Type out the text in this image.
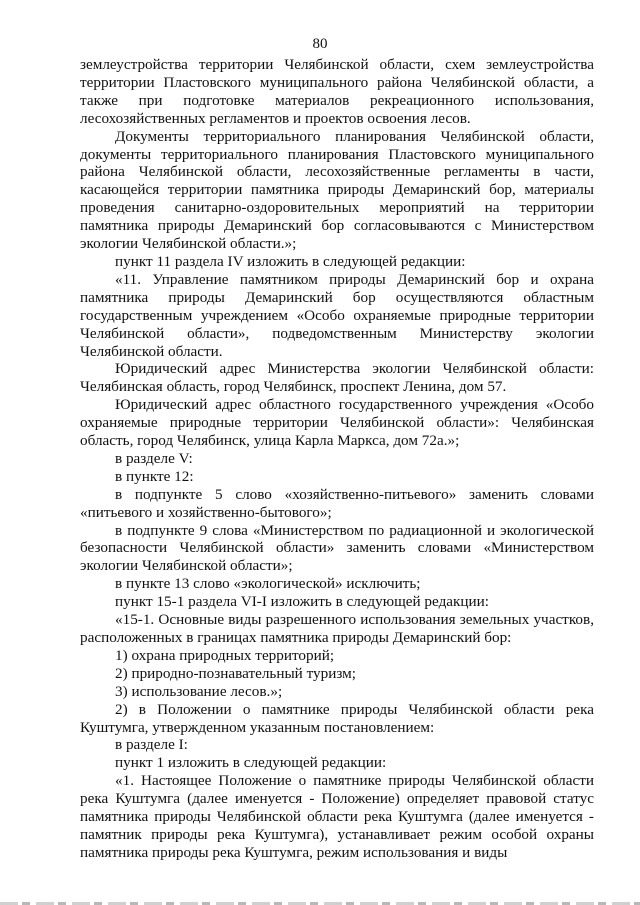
80

землеустройства территории Челябинской области, схем землеустройства территории Пластовского муниципального района Челябинской области, а также при подготовке материалов рекреационного использования, лесохозяйственных регламентов и проектов освоения лесов.

Документы территориального планирования Челябинской области, документы территориального планирования Пластовского муниципального района Челябинской области, лесохозяйственные регламенты в части, касающейся территории памятника природы Демаринский бор, материалы проведения санитарно-оздоровительных мероприятий на территории памятника природы Демаринский бор согласовываются с Министерством экологии Челябинской области.»;

пункт 11 раздела IV изложить в следующей редакции:

«11. Управление памятником природы Демаринский бор и охрана памятника природы Демаринский бор осуществляются областным государственным учреждением «Особо охраняемые природные территории Челябинской области», подведомственным Министерству экологии Челябинской области.

Юридический адрес Министерства экологии Челябинской области: Челябинская область, город Челябинск, проспект Ленина, дом 57.

Юридический адрес областного государственного учреждения «Особо охраняемые природные территории Челябинской области»: Челябинская область, город Челябинск, улица Карла Маркса, дом 72а.»;

в разделе V:

в пункте 12:

в подпункте 5 слово «хозяйственно-питьевого» заменить словами «питьевого и хозяйственно-бытового»;

в подпункте 9 слова «Министерством по радиационной и экологической безопасности Челябинской области» заменить словами «Министерством экологии Челябинской области»;

в пункте 13 слово «экологической» исключить;

пункт 15-1 раздела VI-I изложить в следующей редакции:

«15-1. Основные виды разрешенного использования земельных участков, расположенных в границах памятника природы Демаринский бор:

1) охрана природных территорий;

2) природно-познавательный туризм;

3) использование лесов.»;

2) в Положении о памятнике природы Челябинской области река Куштумга, утвержденном указанным постановлением:

в разделе I:

пункт 1 изложить в следующей редакции:

«1. Настоящее Положение о памятнике природы Челябинской области река Куштумга (далее именуется - Положение) определяет правовой статус памятника природы Челябинской области река Куштумга (далее именуется - памятник природы река Куштумга), устанавливает режим особой охраны памятника природы река Куштумга, режим использования и виды
